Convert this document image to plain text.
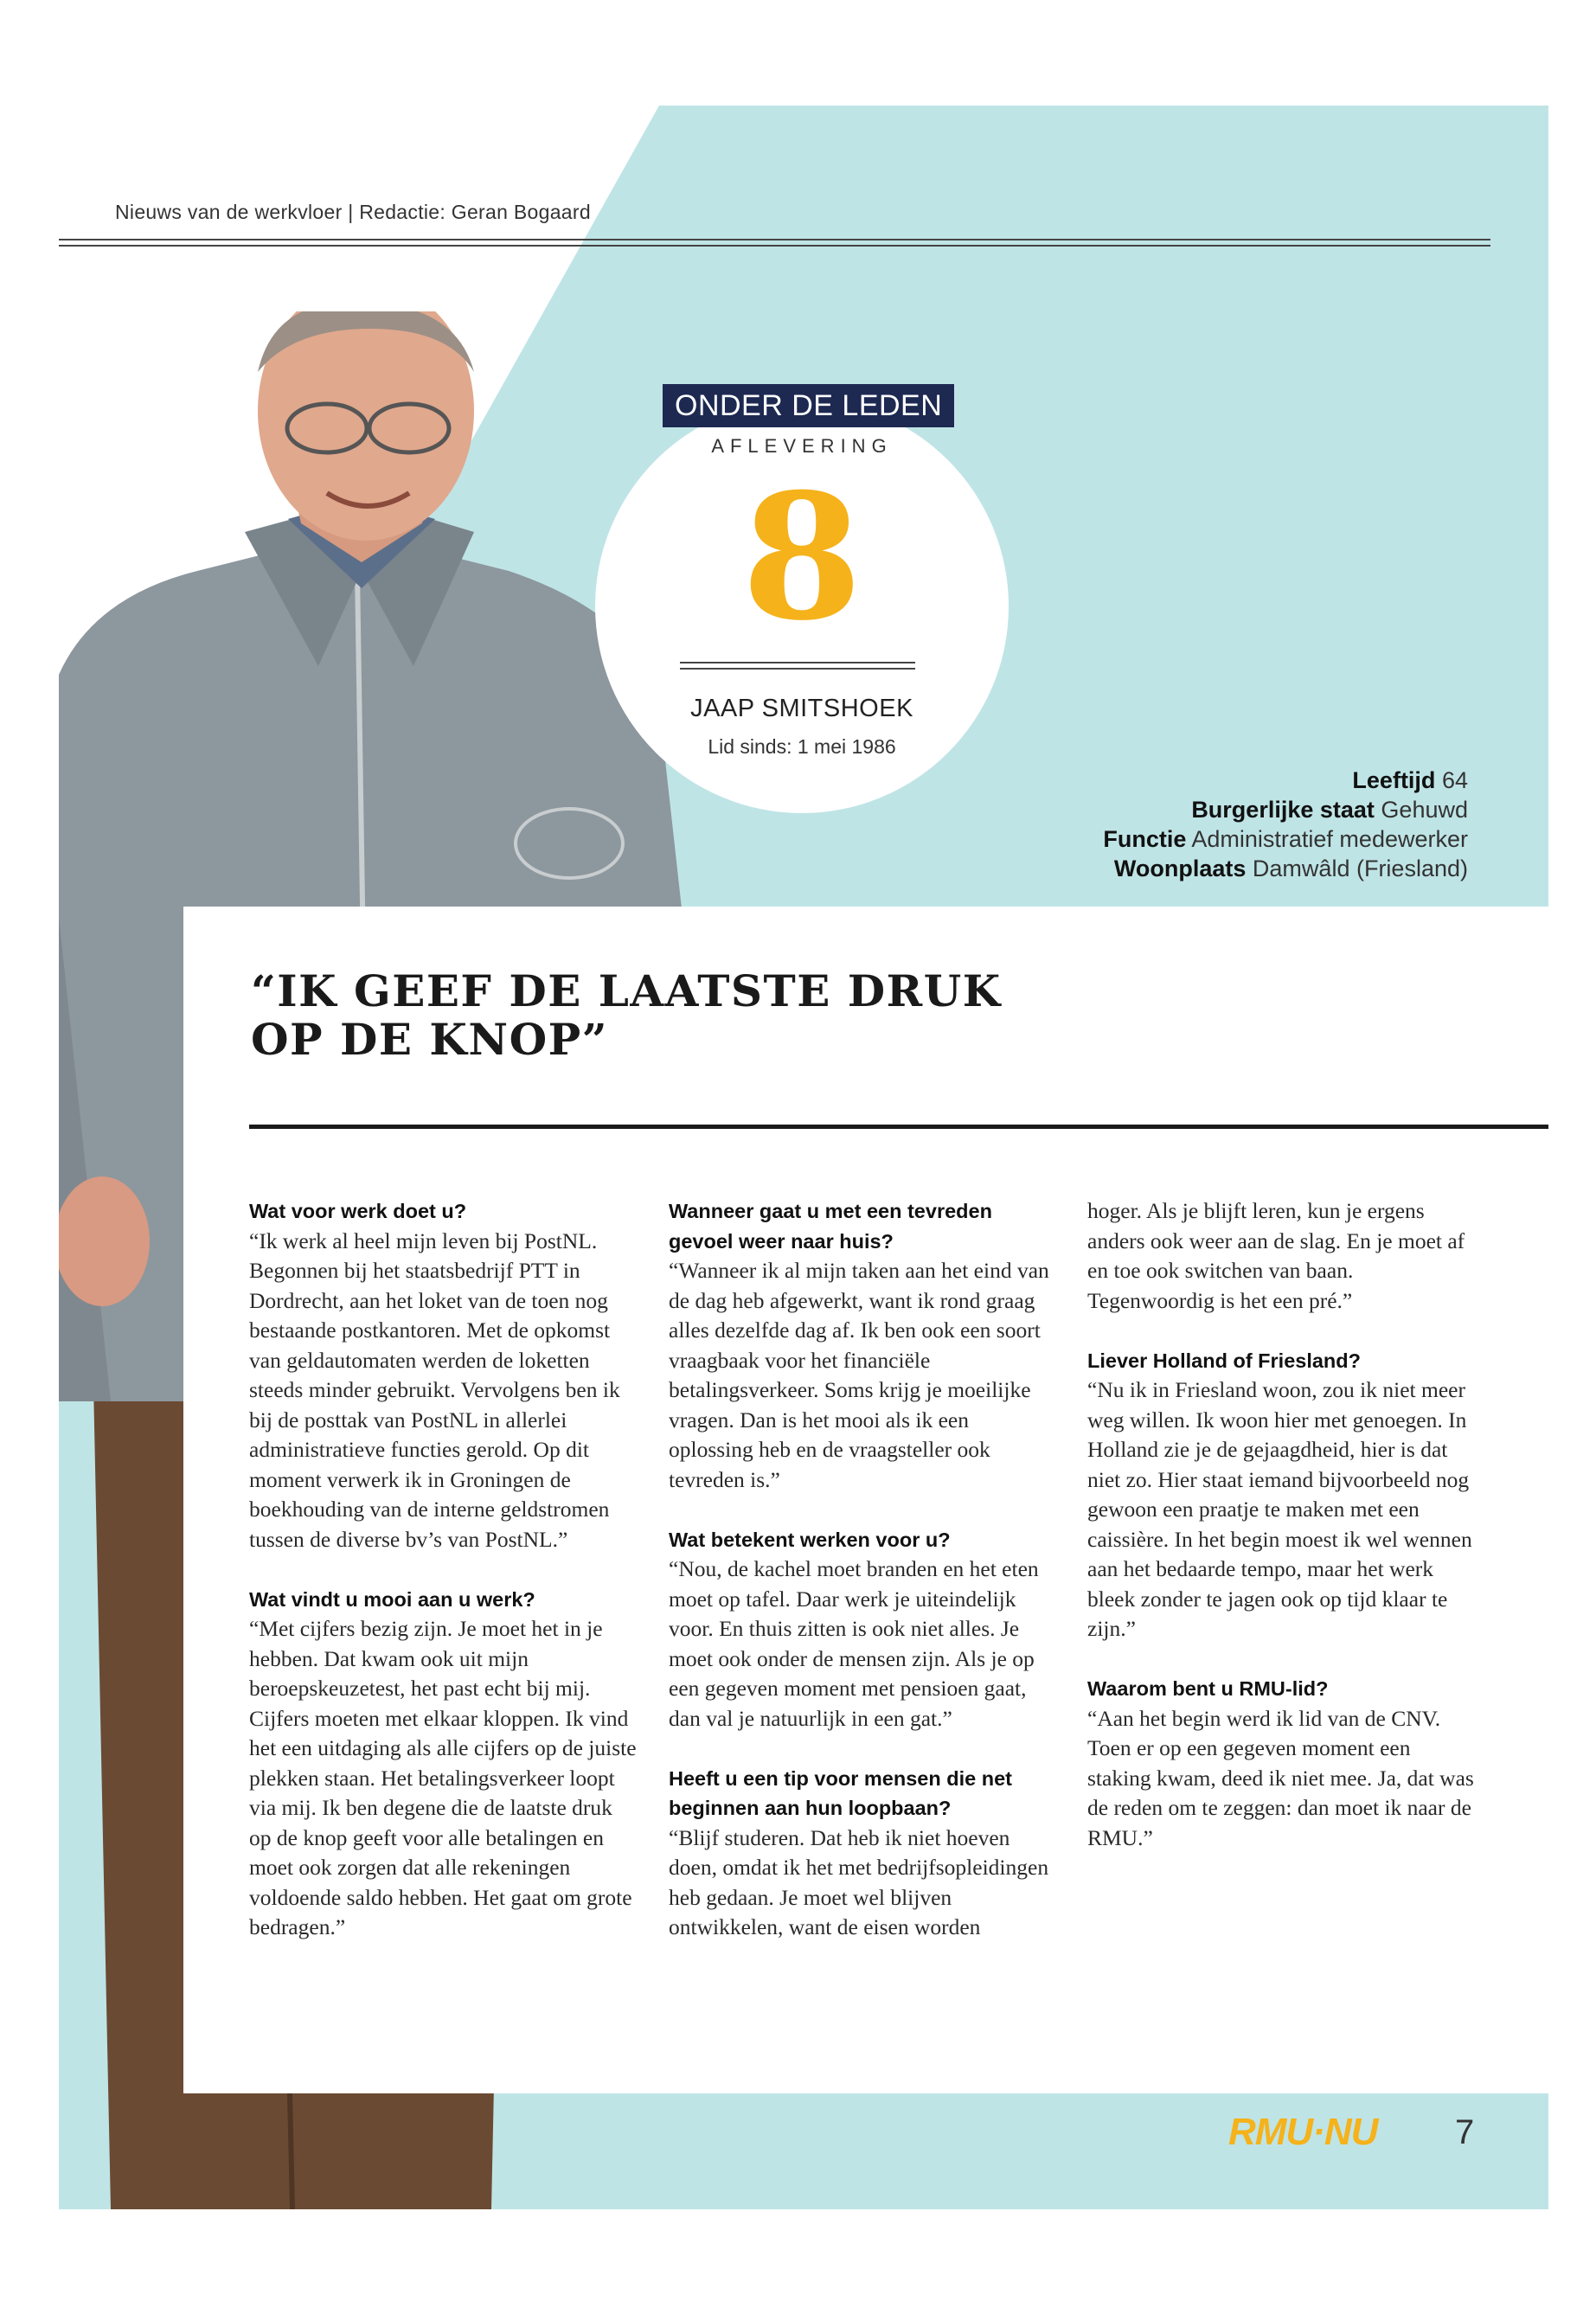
Nieuws van de werkvloer | Redactie: Geran Bogaard
ONDER DE LEDEN
AFLEVERING
8
JAAP SMITSHOEK
Lid sinds: 1 mei 1986
Leeftijd 64
Burgerlijke staat Gehuwd
Functie Administratief medewerker
Woonplaats Damwâld (Friesland)
“IK GEEF DE LAATSTE DRUK
OP DE KNOP”
Wat voor werk doet u?
“Ik werk al heel mijn leven bij PostNL. Begonnen bij het staatsbedrijf PTT in Dordrecht, aan het loket van de toen nog bestaande postkantoren. Met de opkomst van geldautomaten werden de loketten steeds minder gebruikt. Vervolgens ben ik bij de posttak van PostNL in allerlei administratieve functies gerold. Op dit moment verwerk ik in Groningen de boekhouding van de interne geldstromen tussen de diverse bv’s van PostNL.”
Wat vindt u mooi aan u werk?
“Met cijfers bezig zijn. Je moet het in je hebben. Dat kwam ook uit mijn beroepskeuzetest, het past echt bij mij. Cijfers moeten met elkaar kloppen. Ik vind het een uitdaging als alle cijfers op de juiste plekken staan. Het betalingsverkeer loopt via mij. Ik ben degene die de laatste druk op de knop geeft voor alle betalingen en moet ook zorgen dat alle rekeningen voldoende saldo hebben. Het gaat om grote bedragen.”
Wanneer gaat u met een tevreden gevoel weer naar huis?
“Wanneer ik al mijn taken aan het eind van de dag heb afgewerkt, want ik rond graag alles dezelfde dag af. Ik ben ook een soort vraagbaak voor het financiële betalingsverkeer. Soms krijg je moeilijke vragen. Dan is het mooi als ik een oplossing heb en de vraagsteller ook tevreden is.”
Wat betekent werken voor u?
“Nou, de kachel moet branden en het eten moet op tafel. Daar werk je uiteindelijk voor. En thuis zitten is ook niet alles. Je moet ook onder de mensen zijn. Als je op een gegeven moment met pensioen gaat, dan val je natuurlijk in een gat.”
Heeft u een tip voor mensen die net beginnen aan hun loopbaan?
“Blijf studeren. Dat heb ik niet hoeven doen, omdat ik het met bedrijfsopleidingen heb gedaan. Je moet wel blijven ontwikkelen, want de eisen worden
hoger. Als je blijft leren, kun je ergens anders ook weer aan de slag. En je moet af en toe ook switchen van baan. Tegenwoordig is het een pré.”
Liever Holland of Friesland?
“Nu ik in Friesland woon, zou ik niet meer weg willen. Ik woon hier met genoegen. In Holland zie je de gejaagdheid, hier is dat niet zo. Hier staat iemand bijvoorbeeld nog gewoon een praatje te maken met een caissière. In het begin moest ik wel wennen aan het bedaarde tempo, maar het werk bleek zonder te jagen ook op tijd klaar te zijn.”
Waarom bent u RMU-lid?
“Aan het begin werd ik lid van de CNV. Toen er op een gegeven moment een staking kwam, deed ik niet mee. Ja, dat was de reden om te zeggen: dan moet ik naar de RMU.”
RMU·NU 7
